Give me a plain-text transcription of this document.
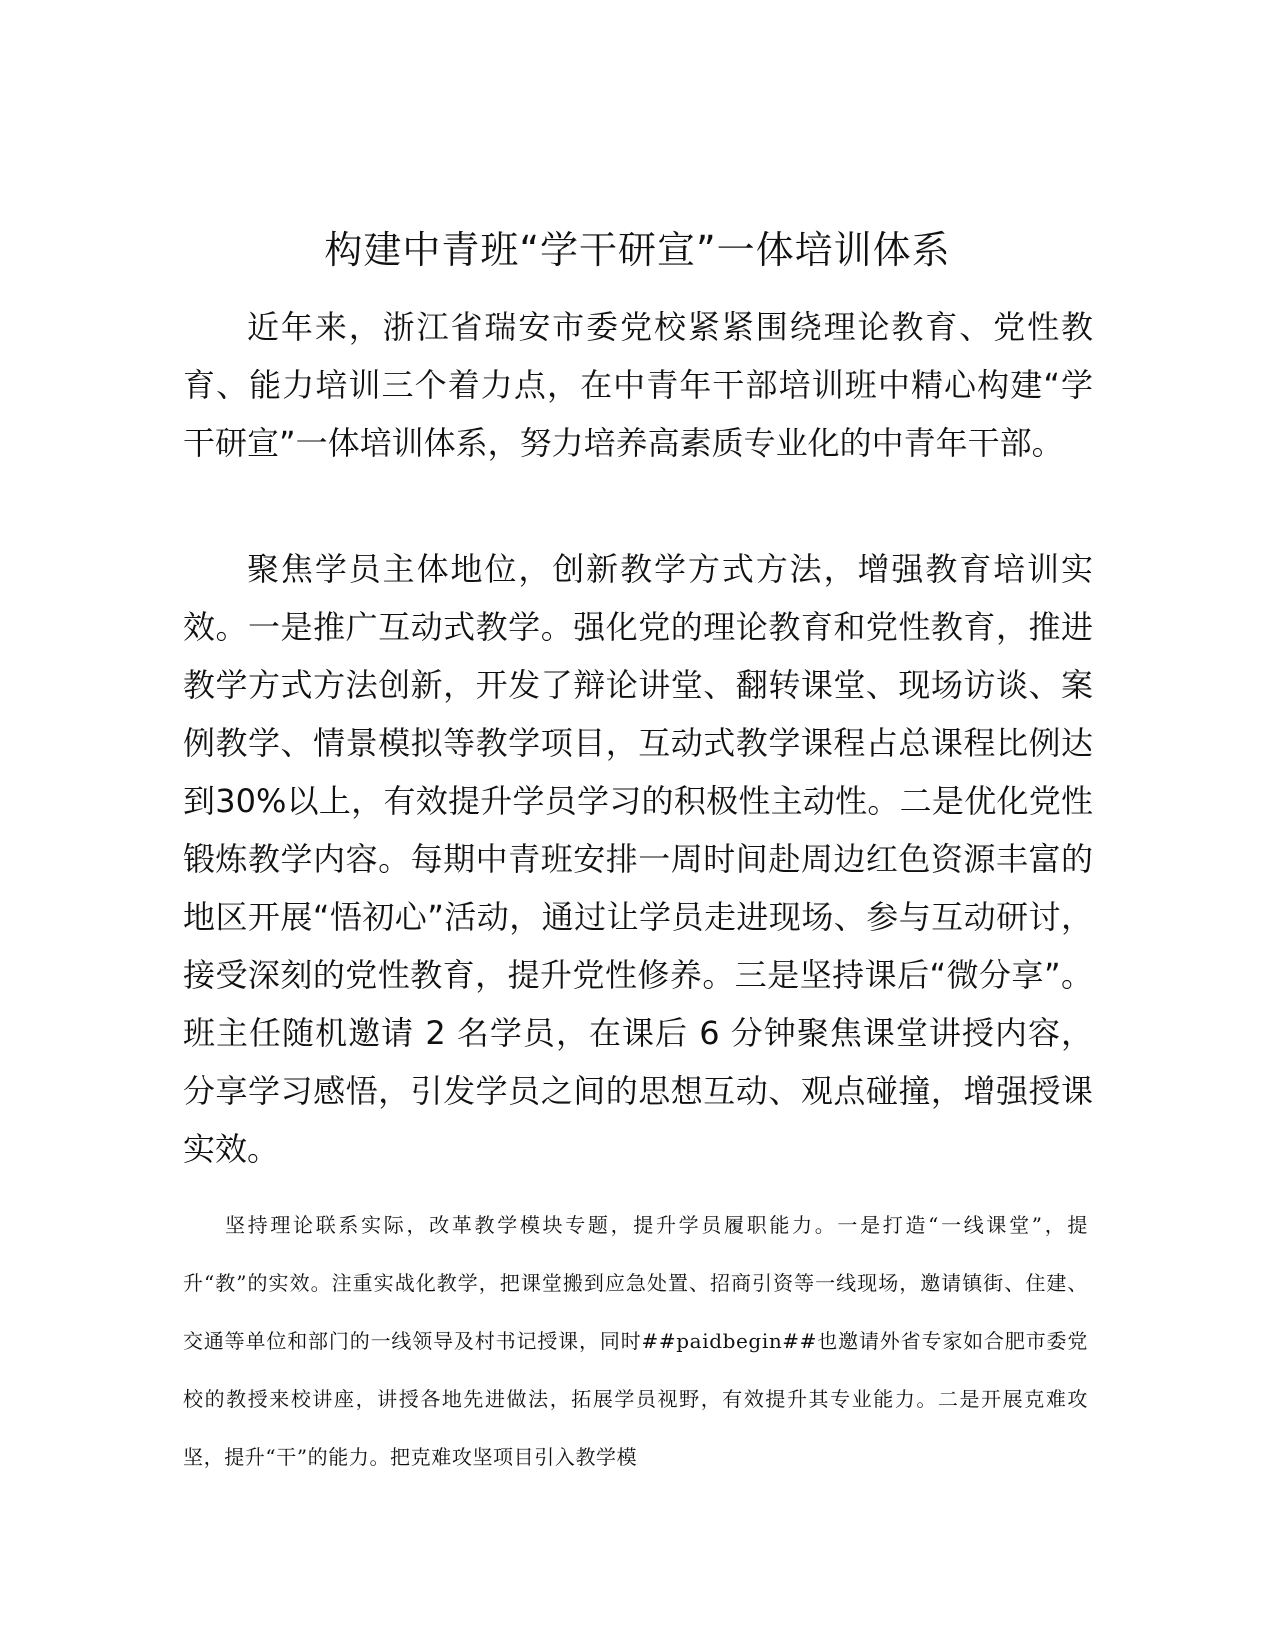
构建中青班“学干研宣”一体培训体系

近年来，浙江省瑞安市委党校紧紧围绕理论教育、党性教育、能力培训三个着力点，在中青年干部培训班中精心构建“学干研宣”一体培训体系，努力培养高素质专业化的中青年干部。

聚焦学员主体地位，创新教学方式方法，增强教育培训实效。一是推广互动式教学。强化党的理论教育和党性教育，推进教学方式方法创新，开发了辩论讲堂、翻转课堂、现场访谈、案例教学、情景模拟等教学项目，互动式教学课程占总课程比例达到30%以上，有效提升学员学习的积极性主动性。二是优化党性锻炼教学内容。每期中青班安排一周时间赴周边红色资源丰富的地区开展“悟初心”活动，通过让学员走进现场、参与互动研讨，接受深刻的党性教育，提升党性修养。三是坚持课后“微分享”。班主任随机邀请 2 名学员，在课后 6 分钟聚焦课堂讲授内容，分享学习感悟，引发学员之间的思想互动、观点碰撞，增强授课实效。

坚持理论联系实际，改革教学模块专题，提升学员履职能力。一是打造“一线课堂”，提升“教”的实效。注重实战化教学，把课堂搬到应急处置、招商引资等一线现场，邀请镇街、住建、交通等单位和部门的一线领导及村书记授课，同时##paidbegin##也邀请外省专家如合肥市委党校的教授来校讲座，讲授各地先进做法，拓展学员视野，有效提升其专业能力。二是开展克难攻坚，提升“干”的能力。把克难攻坚项目引入教学模
